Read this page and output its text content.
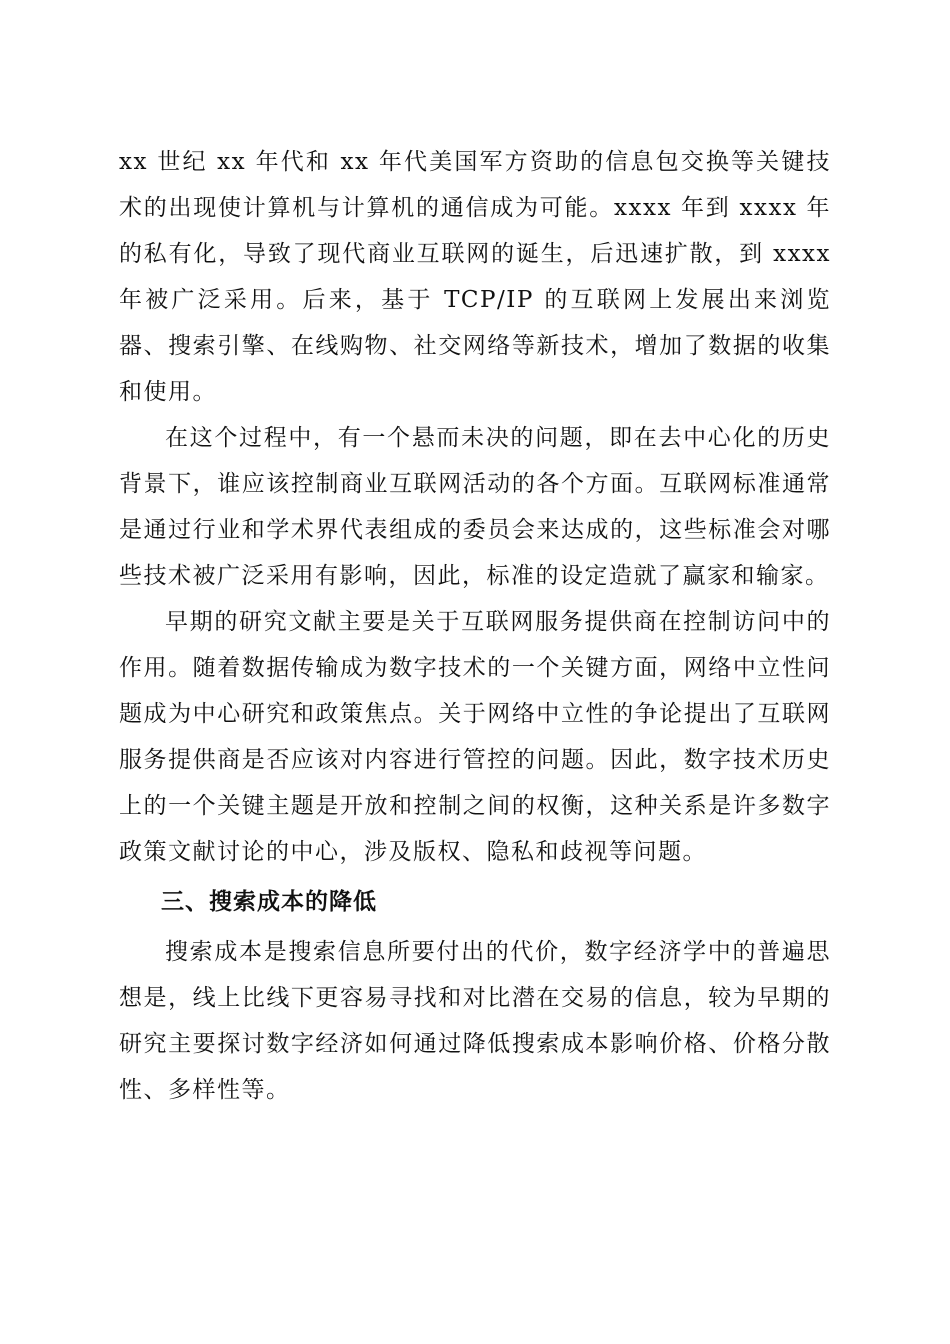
xx 世纪 xx 年代和 xx 年代美国军方资助的信息包交换等关键技术的出现使计算机与计算机的通信成为可能。xxxx 年到 xxxx 年的私有化，导致了现代商业互联网的诞生，后迅速扩散，到 xxxx 年被广泛采用。后来，基于 TCP/IP 的互联网上发展出来浏览器、搜索引擎、在线购物、社交网络等新技术，增加了数据的收集和使用。

在这个过程中，有一个悬而未决的问题，即在去中心化的历史背景下，谁应该控制商业互联网活动的各个方面。互联网标准通常是通过行业和学术界代表组成的委员会来达成的，这些标准会对哪些技术被广泛采用有影响，因此，标准的设定造就了赢家和输家。

早期的研究文献主要是关于互联网服务提供商在控制访问中的作用。随着数据传输成为数字技术的一个关键方面，网络中立性问题成为中心研究和政策焦点。关于网络中立性的争论提出了互联网服务提供商是否应该对内容进行管控的问题。因此，数字技术历史上的一个关键主题是开放和控制之间的权衡，这种关系是许多数字政策文献讨论的中心，涉及版权、隐私和歧视等问题。

三、搜索成本的降低

搜索成本是搜索信息所要付出的代价，数字经济学中的普遍思想是，线上比线下更容易寻找和对比潜在交易的信息，较为早期的研究主要探讨数字经济如何通过降低搜索成本影响价格、价格分散性、多样性等。
